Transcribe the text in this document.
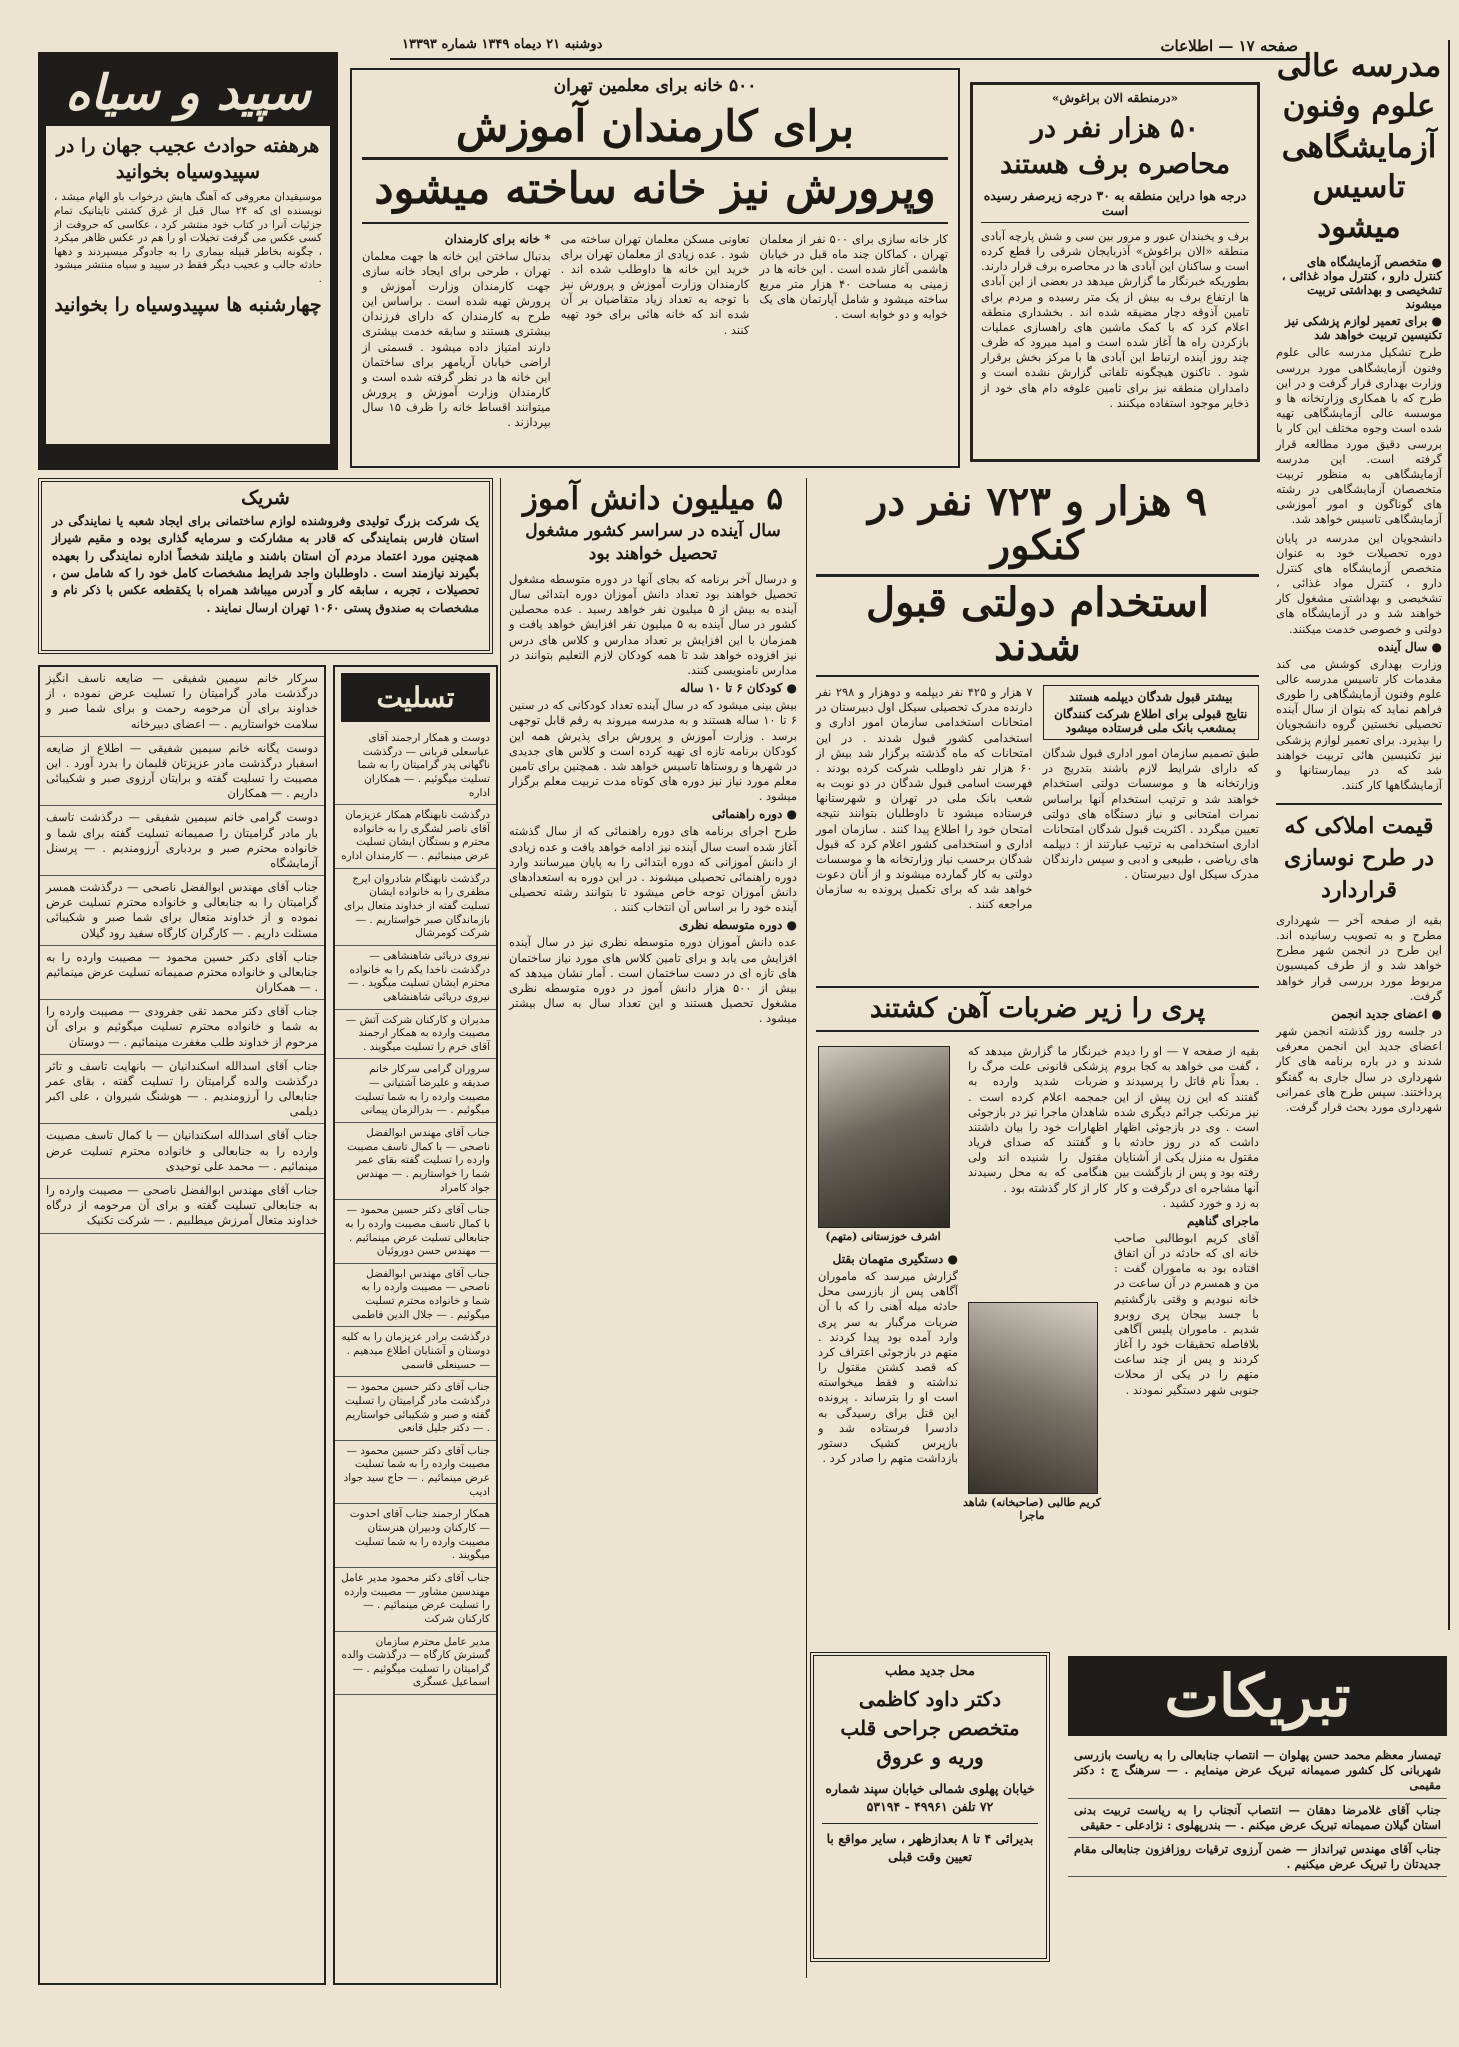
صفحه ۱۷ — اطلاعات
دوشنبه ۲۱ دیماه ۱۳۴۹ شماره ۱۳۳۹۳
مدرسه عالی علوم وفنون آزمایشگاهی تاسیس میشود

● متخصص آزمایشگاه های کنترل دارو ، کنترل مواد غذائی ، تشخیصی و بهداشتی تربیت میشوند

● برای تعمیر لوازم پزشکی نیز تکنیسین تربیت خواهد شد

طرح تشکیل مدرسه عالی علوم وفنون آزمایشگاهی مورد بررسی وزارت بهداری قرار گرفت و در این طرح که با همکاری وزارتخانه ها و موسسه عالی آزمایشگاهی تهیه شده است وجوه مختلف این کار با بررسی دقیق مورد مطالعه قرار گرفته است. این مدرسه آزمایشگاهی به منظور تربیت متخصصان آزمایشگاهی در رشته های گوناگون و امور آموزشی آزمایشگاهی تاسیس خواهد شد.

دانشجویان این مدرسه در پایان دوره تحصیلات خود به عنوان متخصص آزمایشگاه های کنترل دارو ، کنترل مواد غذائی ، تشخیصی و بهداشتی مشغول کار خواهند شد و در آزمایشگاه های دولتی و خصوصی خدمت میکنند.

● سال آینده

وزارت بهداری کوشش می کند مقدمات کار تاسیس مدرسه عالی علوم وفنون آزمایشگاهی را طوری فراهم نماید که بتوان از سال آینده تحصیلی نخستین گروه دانشجویان را بپذیرد. برای تعمیر لوازم پزشکی نیز تکنیسین هائی تربیت خواهند شد که در بیمارستانها و آزمایشگاهها کار کنند.

قیمت املاکی که در طرح نوسازی قراردارد

بقیه از صفحه آخر — شهرداری مطرح و به تصویب رسانیده اند. این طرح در انجمن شهر مطرح خواهد شد و از طرف کمیسیون مربوط مورد بررسی قرار خواهد گرفت.

● اعضای جدید انجمن

در جلسه روز گذشته انجمن شهر اعضای جدید این انجمن معرفی شدند و در باره برنامه های کار شهرداری در سال جاری به گفتگو پرداختند. سپس طرح های عمرانی شهرداری مورد بحث قرار گرفت.

سپید و سیاه
هرهفته حوادث عجیب جهان را در سپیدوسیاه بخوانید

موسیقیدان معروفی که آهنگ هایش درخواب باو الهام میشد ، نویسنده ای که ۲۴ سال قبل از غرق کشتی تایتانیک تمام جزئیات آنرا در کتاب خود منتشر کرد ، عکاسی که حروفت از کسی عکس می گرفت تخیلات او را هم در عکس ظاهر میکرد ، چگونه بخاطر قبیله بیماری را به جادوگر میسپردند و دهها حادثه جالب و عجیب دیگر فقط در سپید و سیاه منتشر میشود .

چهارشنبه ها سپیدوسیاه را بخوانید
۵۰۰ خانه برای معلمین تهران
برای کارمندان آموزش
وپرورش نیز خانه ساخته میشود

کار خانه سازی برای ۵۰۰ نفر از معلمان تهران ، کماکان چند ماه قبل در خیابان هاشمی آغاز شده است . این خانه ها در زمینی به مساحت ۴۰ هزار متر مربع ساخته میشود و شامل آپارتمان های یک خوابه و دو خوابه است .

تعاونی مسکن معلمان تهران ساخته می شود . عده زیادی از معلمان تهران برای خرید این خانه ها داوطلب شده اند . کارمندان وزارت آموزش و پرورش نیز با توجه به تعداد زیاد متقاضیان بر آن شده اند که خانه هائی برای خود تهیه کنند .

* خانه برای کارمندان

بدنبال ساختن این خانه ها جهت معلمان تهران ، طرحی برای ایجاد خانه سازی جهت کارمندان وزارت آموزش و پرورش تهیه شده است . براساس این طرح به کارمندان که دارای فرزندان بیشتری هستند و سابقه خدمت بیشتری دارند امتیاز داده میشود . قسمتی از اراضی خیابان آریامهر برای ساختمان این خانه ها در نظر گرفته شده است و کارمندان وزارت آموزش و پرورش میتوانند اقساط خانه را ظرف ۱۵ سال بپردازند .

«درمنطقه الان براغوش»
۵۰ هزار نفر در محاصره برف هستند
درجه هوا دراین منطقه به ۳۰ درجه زیرصفر رسیده است

برف و یخبندان عبور و مرور بین سی و شش پارچه آبادی منطقه «الان براغوش» آذربایجان شرقی را قطع کرده است و ساکنان این آبادی ها در محاصره برف قرار دارند. بطوریکه خبرنگار ما گزارش میدهد در بعضی از این آبادی ها ارتفاع برف به بیش از یک متر رسیده و مردم برای تامین آذوقه دچار مضیقه شده اند . بخشداری منطقه اعلام کرد که با کمک ماشین های راهسازی عملیات بازکردن راه ها آغاز شده است و امید میرود که ظرف چند روز آینده ارتباط این آبادی ها با مرکز بخش برقرار شود . تاکنون هیچگونه تلفاتی گزارش نشده است و دامداران منطقه نیز برای تامین علوفه دام های خود از ذخایر موجود استفاده میکنند .

شریک

یک شرکت بزرگ تولیدی وفروشنده لوازم ساختمانی برای ایجاد شعبه یا نمایندگی در استان فارس بنمایندگی که قادر به مشارکت و سرمایه گذاری بوده و مقیم شیراز همچنین مورد اعتماد مردم آن استان باشند و مایلند شخصاً اداره نمایندگی را بعهده بگیرند نیازمند است . داوطلبان واجد شرایط مشخصات کامل خود را که شامل سن ، تحصیلات ، تجربه ، سابقه کار و آدرس میباشد همراه با یکقطعه عکس با ذکر نام و مشخصات به صندوق پستی ۱۰۶۰ تهران ارسال نمایند .

۵ میلیون دانش آموز
سال آینده در سراسر کشور مشغول تحصیل خواهند بود

و درسال آخر برنامه که بجای آنها در دوره متوسطه مشغول تحصیل خواهند بود تعداد دانش آموزان دوره ابتدائی سال آینده به بیش از ۵ میلیون نفر خواهد رسید . عده محصلین کشور در سال آینده به ۵ میلیون نفر افزایش خواهد یافت و همزمان با این افزایش بر تعداد مدارس و کلاس های درس نیز افزوده خواهد شد تا همه کودکان لازم التعلیم بتوانند در مدارس نامنویسی کنند.

● کودکان ۶ تا ۱۰ ساله

بیش بینی میشود که در سال آینده تعداد کودکانی که در سنین ۶ تا ۱۰ ساله هستند و به مدرسه میروند به رقم قابل توجهی برسد . وزارت آموزش و پرورش برای پذیرش همه این کودکان برنامه تازه ای تهیه کرده است و کلاس های جدیدی در شهرها و روستاها تاسیس خواهد شد . همچنین برای تامین معلم مورد نیاز نیز دوره های کوتاه مدت تربیت معلم برگزار میشود .

● دوره راهنمائی

طرح اجرای برنامه های دوره راهنمائی که از سال گذشته آغاز شده است سال آینده نیز ادامه خواهد یافت و عده زیادی از دانش آموزانی که دوره ابتدائی را به پایان میرسانند وارد دوره راهنمائی تحصیلی میشوند . در این دوره به استعدادهای دانش آموزان توجه خاص میشود تا بتوانند رشته تحصیلی آینده خود را بر اساس آن انتخاب کنند .

● دوره متوسطه نظری

عده دانش آموزان دوره متوسطه نظری نیز در سال آینده افزایش می یابد و برای تامین کلاس های مورد نیاز ساختمان های تازه ای در دست ساختمان است . آمار نشان میدهد که بیش از ۵۰۰ هزار دانش آموز در دوره متوسطه نظری مشغول تحصیل هستند و این تعداد سال به سال بیشتر میشود .

۹ هزار و ۷۲۳ نفر در کنکور
استخدام دولتی قبول شدند
بیشتر قبول شدگان دیپلمه هستند
نتایج قبولی برای اطلاع شرکت کنندگان بمشعب بانک ملی فرستاده میشود

طبق تصمیم سازمان امور اداری قبول شدگان که دارای شرایط لازم باشند بتدریج در وزارتخانه ها و موسسات دولتی استخدام خواهند شد و ترتیب استخدام آنها براساس نمرات امتحانی و نیاز دستگاه های دولتی تعیین میگردد . اکثریت قبول شدگان امتحانات اداری استخدامی به ترتیب عبارتند از : دیپلمه های ریاضی ، طبیعی و ادبی و سپس دارندگان مدرک سیکل اول دبیرستان .

۷ هزار و ۴۲۵ نفر دیپلمه و دوهزار و ۲۹۸ نفر دارنده مدرک تحصیلی سیکل اول دبیرستان در امتحانات استخدامی سازمان امور اداری و استخدامی کشور قبول شدند . در این امتحانات که ماه گذشته برگزار شد بیش از ۶۰ هزار نفر داوطلب شرکت کرده بودند . فهرست اسامی قبول شدگان در دو نوبت به شعب بانک ملی در تهران و شهرستانها فرستاده میشود تا داوطلبان بتوانند نتیجه امتحان خود را اطلاع پیدا کنند . سازمان امور اداری و استخدامی کشور اعلام کرد که قبول شدگان برحسب نیاز وزارتخانه ها و موسسات دولتی به کار گمارده میشوند و از آنان دعوت خواهد شد که برای تکمیل پرونده به سازمان مراجعه کنند .

پری را زیر ضربات آهن کشتند
اشرف خوزستانی (متهم)
کریم طالبی (صاحبخانه) شاهد ماجرا

بقیه از صفحه ۷ — او را دیدم ، گفت می خواهد به کجا بروم . بعداً نام قاتل را پرسیدند و گفتند که این زن پیش از این نیز مرتکب جرائم دیگری شده است . وی در بازجوئی اظهار داشت که در روز حادثه با مقتول به منزل یکی از آشنایان رفته بود و پس از بازگشت بین آنها مشاجره ای درگرفت و کار به زد و خورد کشید .

ماجرای گناهیم

آقای کریم ابوطالبی صاحب خانه ای که حادثه در آن اتفاق افتاده بود به ماموران گفت : من و همسرم در آن ساعت در خانه نبودیم و وقتی بازگشتیم با جسد بیجان پری روبرو شدیم . ماموران پلیس آگاهی بلافاصله تحقیقات خود را آغاز کردند و پس از چند ساعت متهم را در یکی از محلات جنوبی شهر دستگیر نمودند .

خبرنگار ما گزارش میدهد که پزشکی قانونی علت مرگ را ضربات شدید وارده به جمجمه اعلام کرده است . شاهدان ماجرا نیز در بازجوئی اظهارات خود را بیان داشتند و گفتند که صدای فریاد مقتول را شنیده اند ولی هنگامی که به محل رسیدند کار از کار گذشته بود .

● دستگیری متهمان بقتل

گزارش میرسد که ماموران آگاهی پس از بازرسی محل حادثه میله آهنی را که با آن ضربات مرگبار به سر پری وارد آمده بود پیدا کردند . متهم در بازجوئی اعتراف کرد که قصد کشتن مقتول را نداشته و فقط میخواسته است او را بترساند . پرونده این قتل برای رسیدگی به دادسرا فرستاده شد و بازپرس کشیک دستور بازداشت متهم را صادر کرد .

سرکار خانم سیمین شفیقی — ضایعه ناسف انگیز درگذشت مادر گرامیتان را تسلیت عرض نموده ، از خداوند برای آن مرحومه رحمت و برای شما صبر و سلامت خواستاریم . — اعضای دبیرخانه
دوست یگانه خانم سیمین شفیقی — اطلاع از ضایعه اسفبار درگذشت مادر عزیزتان قلبمان را بدرد آورد . این مصیبت را تسلیت گفته و برایتان آرزوی صبر و شکیبائی داریم . — همکاران
دوست گرامی خانم سیمین شفیقی — درگذشت تاسف بار مادر گرامیتان را صمیمانه تسلیت گفته برای شما و خانواده محترم صبر و بردباری آرزومندیم . — پرسنل آزمایشگاه
جناب آقای مهندس ابوالفضل ناصحی — درگذشت همسر گرامیتان را به جنابعالی و خانواده محترم تسلیت عرض نموده و از خداوند متعال برای شما صبر و شکیبائی مسئلت داریم . — کارگران کارگاه سفید رود گیلان
جناب آقای دکتر حسین محمود — مصیبت وارده را به جنابعالی و خانواده محترم صمیمانه تسلیت عرض مینمائیم . — همکاران
جناب آقای دکتر محمد تقی جفرودی — مصیبت وارده را به شما و خانواده محترم تسلیت میگوئیم و برای آن مرحوم از خداوند طلب مغفرت مینمائیم . — دوستان
جناب آقای اسدالله اسکندانیان — بانهایت تاسف و تاثر درگذشت والده گرامیتان را تسلیت گفته ، بقای عمر جنابعالی را آرزومندیم . — هوشنگ شیروان ، علی اکبر دیلمی
جناب آقای اسدالله اسکندانیان — با کمال تاسف مصیبت وارده را به جنابعالی و خانواده محترم تسلیت عرض مینمائیم . — محمد علی توحیدی
جناب آقای مهندس ابوالفضل ناصحی — مصیبت وارده را به جنابعالی تسلیت گفته و برای آن مرحومه از درگاه خداوند متعال آمرزش میطلبیم . — شرکت تکنیک
تسلیت
دوست و همکار ارجمند آقای عباسعلی قربانی — درگذشت ناگهانی پدر گرامیتان را به شما تسلیت میگوئیم . — همکاران اداره
درگذشت نابهنگام همکار عزیزمان آقای ناصر لشگری را به خانواده محترم و بستگان ایشان تسلیت عرض مینمائیم . — کارمندان اداره
درگذشت نابهنگام شادروان ایرج مظفری را به خانواده ایشان تسلیت گفته از خداوند متعال برای بازماندگان صبر خواستاریم . — شرکت کومرشال
نیروی دریائی شاهنشاهی — درگذشت ناخدا یکم را به خانواده محترم ایشان تسلیت میگوید . — نیروی دریائی شاهنشاهی
مدیران و کارکنان شرکت آتش — مصیبت وارده به همکار ارجمند آقای خرم را تسلیت میگویند .
سروران گرامی سرکار خانم صدیقه و علیرضا آشتیانی — مصیبت وارده را به شما تسلیت میگوئیم . — بدرالزمان پیمانی
جناب آقای مهندس ابوالفضل ناصحی — با کمال تاسف مصیبت وارده را تسلیت گفته بقای عمر شما را خواستاریم . — مهندس جواد کامراد
جناب آقای دکتر حسین محمود — با کمال تاسف مصیبت وارده را به جنابعالی تسلیت عرض مینمائیم . — مهندس حسن دوروئیان
جناب آقای مهندس ابوالفضل ناصحی — مصیبت وارده را به شما و خانواده محترم تسلیت میگوئیم . — جلال الدین فاطمی
درگذشت برادر عزیزمان را به کلیه دوستان و آشنایان اطلاع میدهیم . — حسینعلی قاسمی
جناب آقای دکتر حسین محمود — درگذشت مادر گرامیتان را تسلیت گفته و صبر و شکیبائی خواستاریم . — دکتر جلیل قانعی
جناب آقای دکتر حسین محمود — مصیبت وارده را به شما تسلیت عرض مینمائیم . — حاج سید جواد ادیب
همکار ارجمند جناب آقای احدوت — کارکنان ودبیران هنرستان مصیبت وارده را به شما تسلیت میگویند .
جناب آقای دکتر محمود مدیر عامل مهندسین مشاور — مصیبت وارده را تسلیت عرض مینمائیم . — کارکنان شرکت
مدیر عامل محترم سازمان گسترش کارگاه — درگذشت والده گرامیتان را تسلیت میگوئیم . — اسماعیل عسگری
محل جدید مطب
دکتر داود کاظمی متخصص جراحی قلب وریه و عروق
خیابان پهلوی شمالی خیابان سپند شماره ۷۲ تلفن ۴۹۹۶۱ - ۵۳۱۹۴
بدیرائی ۴ تا ۸ بعدازظهر ، سایر مواقع با تعیین وقت قبلی
تبریکات
تیمسار معظم محمد حسن پهلوان — انتصاب جنابعالی را به ریاست بازرسی شهربانی کل کشور صمیمانه تبریک عرض مینمایم . — سرهنگ ج : دکتر مقیمی
جناب آقای غلامرضا دهقان — انتصاب آنجناب را به ریاست تربیت بدنی استان گیلان صمیمانه تبریک عرض میکنم . — بندرپهلوی : نژادعلی - حقیقی
جناب آقای مهندس تیرانداز — ضمن آرزوی ترقیات روزافزون جنابعالی مقام جدیدتان را تبریک عرض میکنیم .
